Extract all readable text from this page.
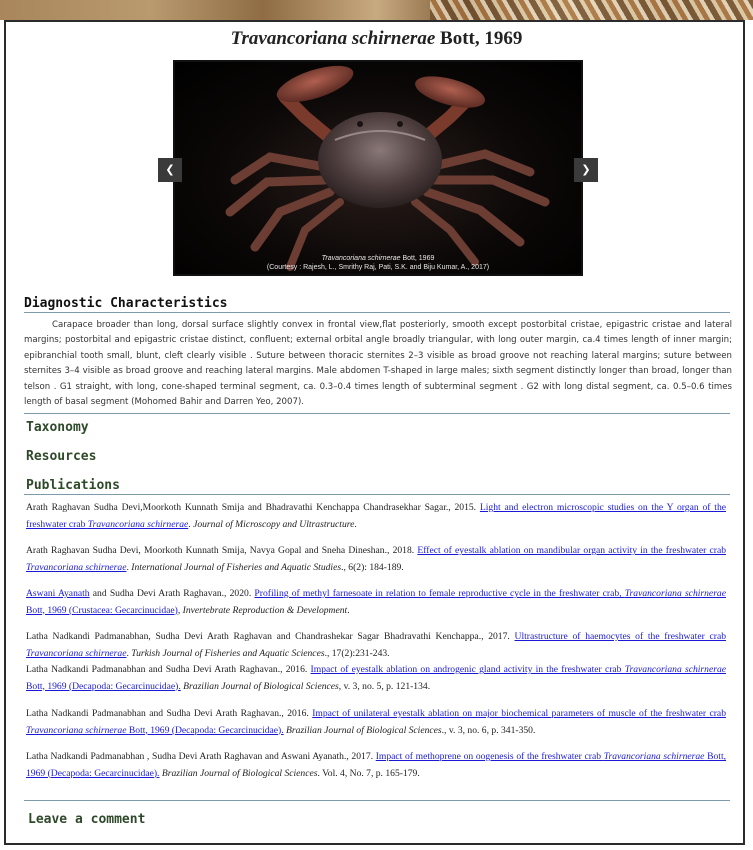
Travancoriana schirnerae Bott, 1969
Travancoriana schirnerae Bott, 1969
(Courtesy : Rajesh, L., Smrithy Raj, Pati, S.K. and Biju Kumar, A., 2017)
❮	❯
Diagnostic Characteristics
Carapace broader than long, dorsal surface slightly convex in frontal view,flat posteriorly, smooth except postorbital cristae, epigastric cristae and lateral margins; postorbital and epigastric cristae distinct, confluent; external orbital angle broadly triangular, with long outer margin, ca.4 times length of inner margin; epibranchial tooth small, blunt, cleft clearly visible . Suture between thoracic sternites 2–3 visible as broad groove not reaching lateral margins; suture between sternites 3–4 visible as broad groove and reaching lateral margins. Male abdomen T-shaped in large males; sixth segment distinctly longer than broad, longer than telson . G1 straight, with long, cone-shaped terminal segment, ca. 0.3–0.4 times length of subterminal segment . G2 with long distal segment, ca. 0.5–0.6 times length of basal segment (Mohomed Bahir and Darren Yeo, 2007).
Taxonomy
Resources
Publications
Arath Raghavan Sudha Devi,Moorkoth Kunnath Smija and Bhadravathi Kenchappa Chandrasekhar Sagar., 2015. Light and electron microscopic studies on the Y organ of the freshwater crab Travancoriana schirnerae. Journal of Microscopy and Ultrastructure.
Arath Raghavan Sudha Devi, Moorkoth Kunnath Smija, Navya Gopal and Sneha Dineshan., 2018. Effect of eyestalk ablation on mandibular organ activity in the freshwater crab Travancoriana schirnerae. International Journal of Fisheries and Aquatic Studies., 6(2): 184-189.
Aswani Ayanath and Sudha Devi Arath Raghavan., 2020. Profiling of methyl farnesoate in relation to female reproductive cycle in the freshwater crab, Travancoriana schirnerae Bott, 1969 (Crustacea: Gecarcinucidae), Invertebrate Reproduction & Development.
Latha Nadkandi Padmanabhan, Sudha Devi Arath Raghavan and Chandrashekar Sagar Bhadravathi Kenchappa., 2017. Ultrastructure of haemocytes of the freshwater crab Travancoriana schirnerae. Turkish Journal of Fisheries and Aquatic Sciences., 17(2):231-243.
Latha Nadkandi Padmanabhan and Sudha Devi Arath Raghavan., 2016. Impact of eyestalk ablation on androgenic gland activity in the freshwater crab Travancoriana schirnerae Bott, 1969 (Decapoda: Gecarcinucidae). Brazilian Journal of Biological Sciences, v. 3, no. 5, p. 121-134.
Latha Nadkandi Padmanabhan and Sudha Devi Arath Raghavan., 2016. Impact of unilateral eyestalk ablation on major biochemical parameters of muscle of the freshwater crab Travancoriana schirnerae Bott, 1969 (Decapoda: Gecarcinucidae). Brazilian Journal of Biological Sciences., v. 3, no. 6, p. 341-350.
Latha Nadkandi Padmanabhan , Sudha Devi Arath Raghavan and Aswani Ayanath., 2017. Impact of methoprene on oogenesis of the freshwater crab Travancoriana schirnerae Bott, 1969 (Decapoda: Gecarcinucidae). Brazilian Journal of Biological Sciences. Vol. 4, No. 7, p. 165-179.
Leave a comment
